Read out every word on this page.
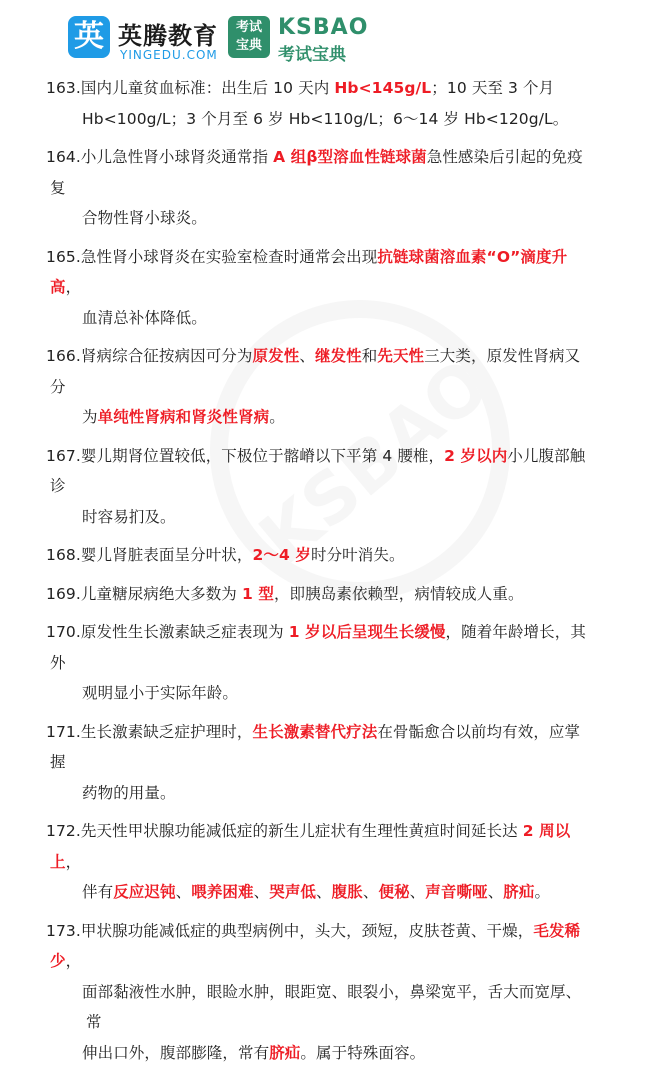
英 英腾教育
YINGEDU.COM
考试
宝典
KSBAO
考试宝典
163.国内儿童贫血标准：出生后 10 天内 Hb<145g/L；10 天至 3 个月
Hb<100g/L；3 个月至 6 岁 Hb<110g/L；6～14 岁 Hb<120g/L。
164.小儿急性肾小球肾炎通常指 A 组β型溶血性链球菌急性感染后引起的免疫复
合物性肾小球炎。
165.急性肾小球肾炎在实验室检查时通常会出现抗链球菌溶血素“O”滴度升高，
血清总补体降低。
166.肾病综合征按病因可分为原发性、继发性和先天性三大类，原发性肾病又分
为单纯性肾病和肾炎性肾病。
167.婴儿期肾位置较低，下极位于髂嵴以下平第 4 腰椎，2 岁以内小儿腹部触诊
时容易扪及。
168.婴儿肾脏表面呈分叶状，2～4 岁时分叶消失。
169.儿童糖尿病绝大多数为 1 型，即胰岛素依赖型，病情较成人重。
170.原发性生长激素缺乏症表现为 1 岁以后呈现生长缓慢，随着年龄增长，其外
观明显小于实际年龄。
171.生长激素缺乏症护理时，生长激素替代疗法在骨骺愈合以前均有效，应掌握
药物的用量。
172.先天性甲状腺功能减低症的新生儿症状有生理性黄疸时间延长达 2 周以上，
伴有反应迟钝、喂养困难、哭声低、腹胀、便秘、声音嘶哑、脐疝。
173.甲状腺功能减低症的典型病例中，头大，颈短，皮肤苍黄、干燥，毛发稀少，
面部黏液性水肿，眼睑水肿，眼距宽、眼裂小，鼻梁宽平，舌大而宽厚、常
伸出口外，腹部膨隆，常有脐疝。属于特殊面容。
